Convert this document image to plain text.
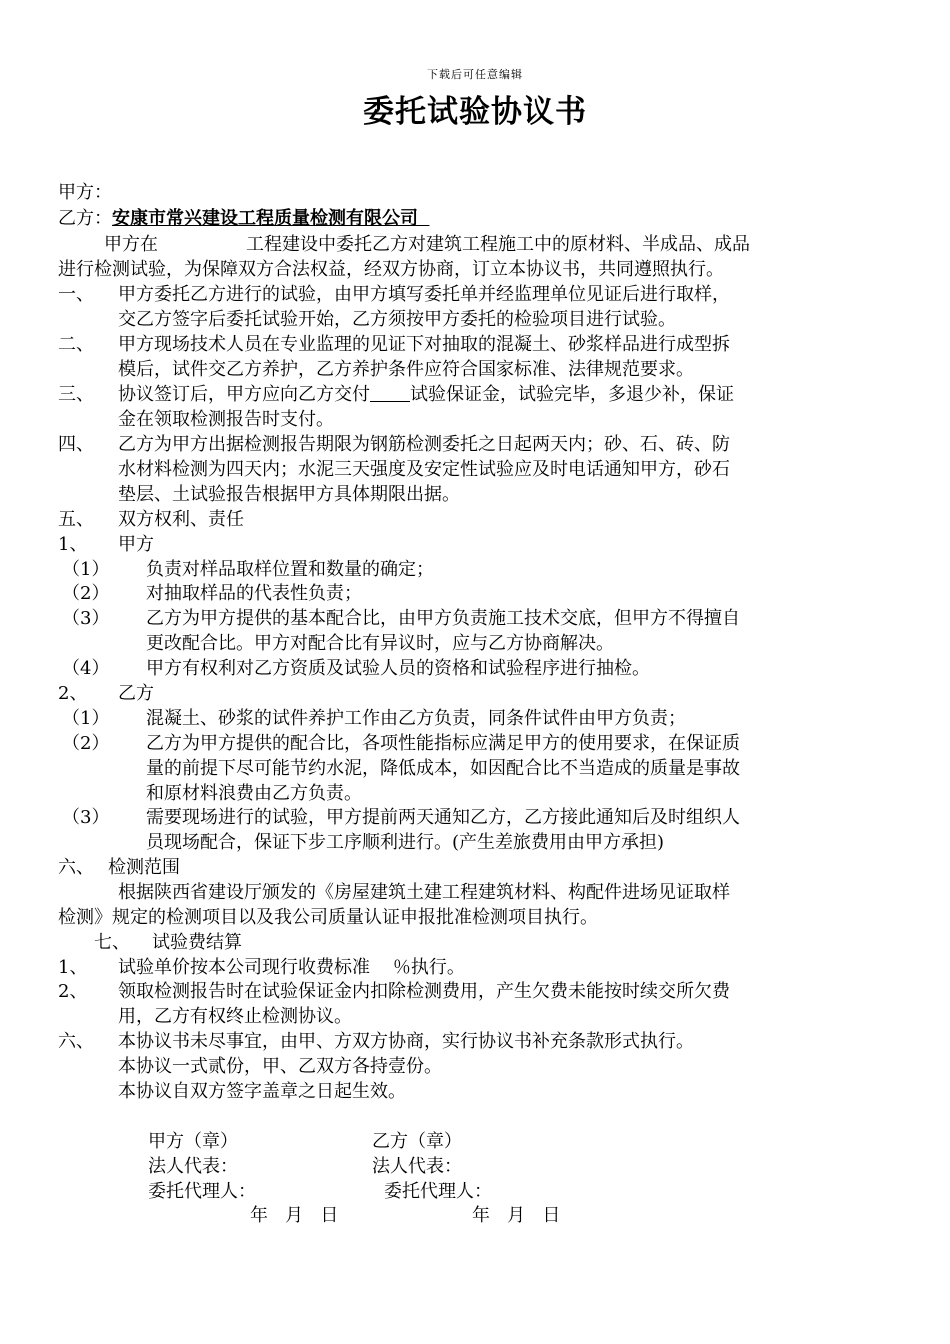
下载后可任意编辑
委托试验协议书
甲方：
乙方：安康市常兴建设工程质量检测有限公司
甲方在	工程建设中委托乙方对建筑工程施工中的原材料、半成品、成品
进行检测试验，为保障双方合法权益，经双方协商，订立本协议书，共同遵照执行。
一、 甲方委托乙方进行的试验，由甲方填写委托单并经监理单位见证后进行取样，
交乙方签字后委托试验开始，乙方须按甲方委托的检验项目进行试验。
二、 甲方现场技术人员在专业监理的见证下对抽取的混凝土、砂浆样品进行成型拆
模后，试件交乙方养护，乙方养护条件应符合国家标准、法律规范要求。
三、 协议签订后，甲方应向乙方交付 试验保证金，试验完毕，多退少补，保证
金在领取检测报告时支付。
四、 乙方为甲方出据检测报告期限为钢筋检测委托之日起两天内；砂、石、砖、防
水材料检测为四天内；水泥三天强度及安定性试验应及时电话通知甲方，砂石
垫层、土试验报告根据甲方具体期限出据。
五、 双方权利、责任
1、 甲方
（1） 负责对样品取样位置和数量的确定；
（2） 对抽取样品的代表性负责；
（3） 乙方为甲方提供的基本配合比，由甲方负责施工技术交底，但甲方不得擅自
更改配合比。甲方对配合比有异议时，应与乙方协商解决。
（4） 甲方有权利对乙方资质及试验人员的资格和试验程序进行抽检。
2、 乙方
（1） 混凝土、砂浆的试件养护工作由乙方负责，同条件试件由甲方负责；
（2） 乙方为甲方提供的配合比，各项性能指标应满足甲方的使用要求，在保证质
量的前提下尽可能节约水泥，降低成本，如因配合比不当造成的质量是事故
和原材料浪费由乙方负责。
（3） 需要现场进行的试验，甲方提前两天通知乙方，乙方接此通知后及时组织人
员现场配合，保证下步工序顺利进行。(产生差旅费用由甲方承担)
六、 检测范围
根据陕西省建设厅颁发的《房屋建筑土建工程建筑材料、构配件进场见证取样
检测》规定的检测项目以及我公司质量认证申报批准检测项目执行。
七、 试验费结算
1、 试验单价按本公司现行收费标准    ％执行。
2、 领取检测报告时在试验保证金内扣除检测费用，产生欠费未能按时续交所欠费
用，乙方有权终止检测协议。
六、 本协议书未尽事宜，由甲、方双方协商，实行协议书补充条款形式执行。
本协议一式贰份，甲、乙双方各持壹份。
本协议自双方签字盖章之日起生效。
甲方（章）	乙方（章）
法人代表：	法人代表：
委托代理人：	委托代理人：
年   月   日	年   月   日
